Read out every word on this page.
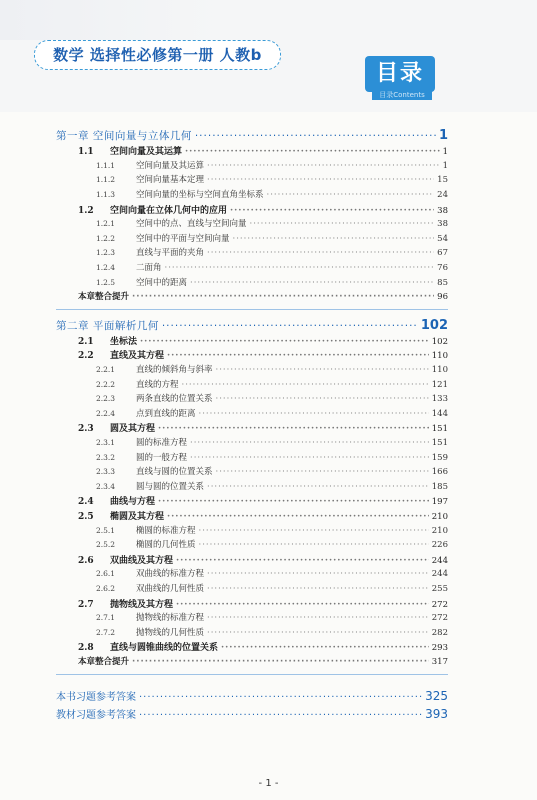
数学 选择性必修第一册 人教b
目录
目录Contents
第一章 空间向量与立体几何 ·····	1
1.1	空间向量及其运算 ·····	1
1.1.1	空间向量及其运算 ·····	1
1.1.2	空间向量基本定理 ·····	15
1.1.3	空间向量的坐标与空间直角坐标系 ·····	24
1.2	空间向量在立体几何中的应用 ·····	38
1.2.1	空间中的点、直线与空间向量 ·····	38
1.2.2	空间中的平面与空间向量 ·····	54
1.2.3	直线与平面的夹角 ·····	67
1.2.4	二面角 ·····	76
1.2.5	空间中的距离 ·····	85
本章整合提升 ·····	96
第二章 平面解析几何 ·····	102
2.1	坐标法 ·····	102
2.2	直线及其方程 ·····	110
2.2.1	直线的倾斜角与斜率 ·····	110
2.2.2	直线的方程 ·····	121
2.2.3	两条直线的位置关系 ·····	133
2.2.4	点到直线的距离 ·····	144
2.3	圆及其方程 ·····	151
2.3.1	圆的标准方程 ·····	151
2.3.2	圆的一般方程 ·····	159
2.3.3	直线与圆的位置关系 ·····	166
2.3.4	圆与圆的位置关系 ·····	185
2.4	曲线与方程 ·····	197
2.5	椭圆及其方程 ·····	210
2.5.1	椭圆的标准方程 ·····	210
2.5.2	椭圆的几何性质 ·····	226
2.6	双曲线及其方程 ·····	244
2.6.1	双曲线的标准方程 ·····	244
2.6.2	双曲线的几何性质 ·····	255
2.7	抛物线及其方程 ·····	272
2.7.1	抛物线的标准方程 ·····	272
2.7.2	抛物线的几何性质 ·····	282
2.8	直线与圆锥曲线的位置关系 ·····	293
本章整合提升 ·····	317
本书习题参考答案 ·····	325
教材习题参考答案 ·····	393
- 1 -
